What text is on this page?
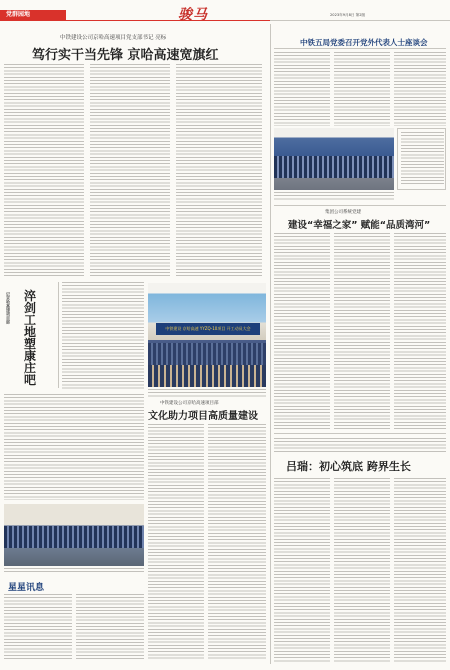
党群园地	骏马	2023年9月8日 第2版
中铁建设公司京哈高速项目党支部书记 亮标
笃行实干当先锋 京哈高速宽旗红
记京哈高速项目部	淬
剑
工
地
塑
康
庄
吧
中铁建设 京哈高速 YYZQ-10项目 开工动员大会
中铁建设公司京哈高速项目部
文化助力项目高质量建设
星星讯息
中铁五局党委召开党外代表人士座谈会
集团公司系统党建
建设“幸福之家” 赋能“品质湾河”
吕瑞：初心筑底 跨界生长
